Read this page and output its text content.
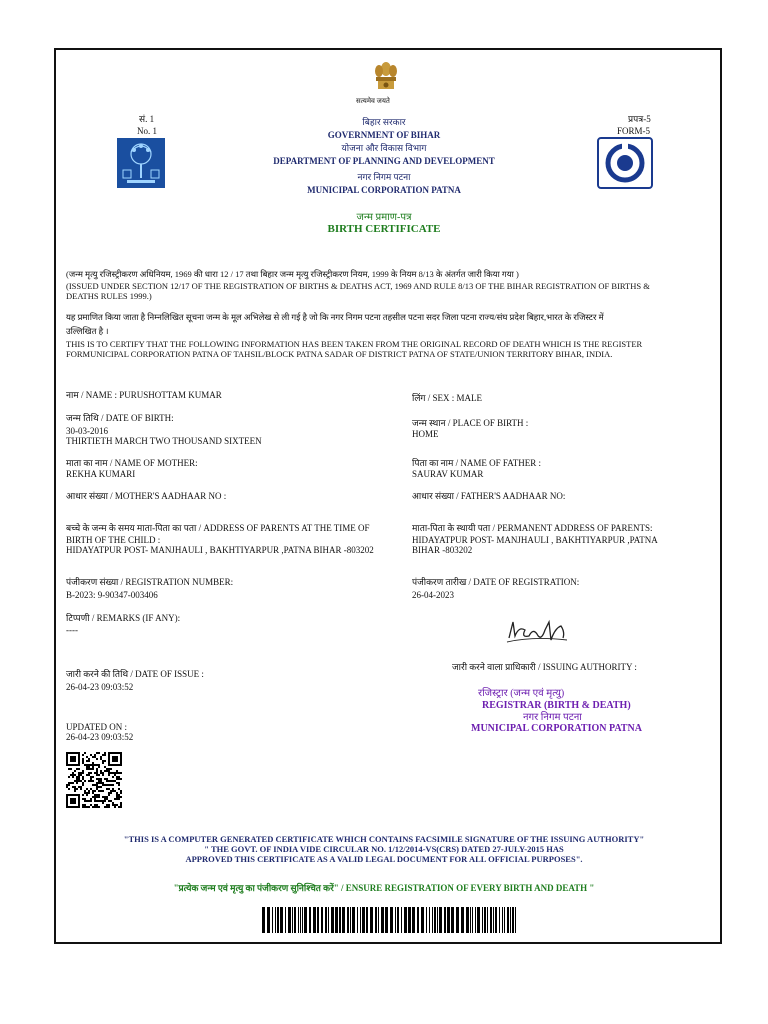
सत्यमेव जयते
सं. 1
No. 1
प्रपत्र-5
FORM-5
बिहार सरकार
GOVERNMENT OF BIHAR
योजना और विकास विभाग
DEPARTMENT OF PLANNING AND DEVELOPMENT
नगर निगम पटना
MUNICIPAL CORPORATION PATNA
जन्म प्रमाण-पत्र
BIRTH CERTIFICATE
(जन्म मृत्यु रजिस्ट्रीकरण अधिनियम, 1969 की धारा 12 / 17 तथा बिहार जन्म मृत्यु रजिस्ट्रीकरण नियम, 1999 के नियम 8/13 के अंतर्गत जारी किया गया )
(ISSUED UNDER SECTION 12/17 OF THE REGISTRATION OF BIRTHS & DEATHS ACT, 1969 AND RULE 8/13 OF THE BIHAR REGISTRATION OF BIRTHS &
DEATHS RULES 1999.)
यह प्रमाणित किया जाता है निम्नलिखित सूचना जन्म के मूल अभिलेख से ली गई है जो कि नगर निगम पटना तहसील पटना सदर जिला पटना राज्य/संघ प्रदेश बिहार,भारत के रजिस्टर में
उल्लिखित है ।
THIS IS TO CERTIFY THAT THE FOLLOWING INFORMATION HAS BEEN TAKEN FROM THE ORIGINAL RECORD OF DEATH WHICH IS THE REGISTER
FORMUNICIPAL CORPORATION PATNA OF TAHSIL/BLOCK PATNA SADAR OF DISTRICT PATNA OF STATE/UNION TERRITORY BIHAR, INDIA.
नाम / NAME : PURUSHOTTAM KUMAR
जन्म तिथि / DATE OF BIRTH:
30-03-2016
THIRTIETH MARCH TWO THOUSAND SIXTEEN
माता का नाम / NAME OF MOTHER:
REKHA KUMARI
आधार संख्या / MOTHER'S AADHAAR NO :
बच्चे के जन्म के समय माता-पिता का पता / ADDRESS OF PARENTS AT THE TIME OF
BIRTH OF THE CHILD :
HIDAYATPUR POST- MANJHAULI , BAKHTIYARPUR ,PATNA BIHAR -803202
पंजीकरण संख्या / REGISTRATION NUMBER:
B-2023: 9-90347-003406
टिप्पणी / REMARKS (IF ANY):
----
जारी करने की तिथि / DATE OF ISSUE :
26-04-23 09:03:52
UPDATED ON :
26-04-23 09:03:52
लिंग / SEX : MALE
जन्म स्थान / PLACE OF BIRTH :
HOME
पिता का नाम / NAME OF FATHER :
SAURAV KUMAR
आधार संख्या / FATHER'S AADHAAR NO:
माता-पिता के स्थायी पता / PERMANENT ADDRESS OF PARENTS:
HIDAYATPUR POST- MANJHAULI , BAKHTIYARPUR ,PATNA
BIHAR -803202
पंजीकरण तारीख / DATE OF REGISTRATION:
26-04-2023
जारी करने वाला प्राधिकारी / ISSUING AUTHORITY :
रजिस्ट्रार (जन्म एवं मृत्यु)
REGISTRAR (BIRTH & DEATH)
नगर निगम पटना
MUNICIPAL CORPORATION PATNA
"THIS IS A COMPUTER GENERATED CERTIFICATE WHICH CONTAINS FACSIMILE SIGNATURE OF THE ISSUING AUTHORITY"
" THE GOVT. OF INDIA VIDE CIRCULAR NO. 1/12/2014-VS(CRS) DATED 27-JULY-2015 HAS
APPROVED THIS CERTIFICATE AS A VALID LEGAL DOCUMENT FOR ALL OFFICIAL PURPOSES".
"प्रत्येक जन्म एवं मृत्यु का पंजीकरण सुनिश्चित करें" / ENSURE REGISTRATION OF EVERY BIRTH AND DEATH "
